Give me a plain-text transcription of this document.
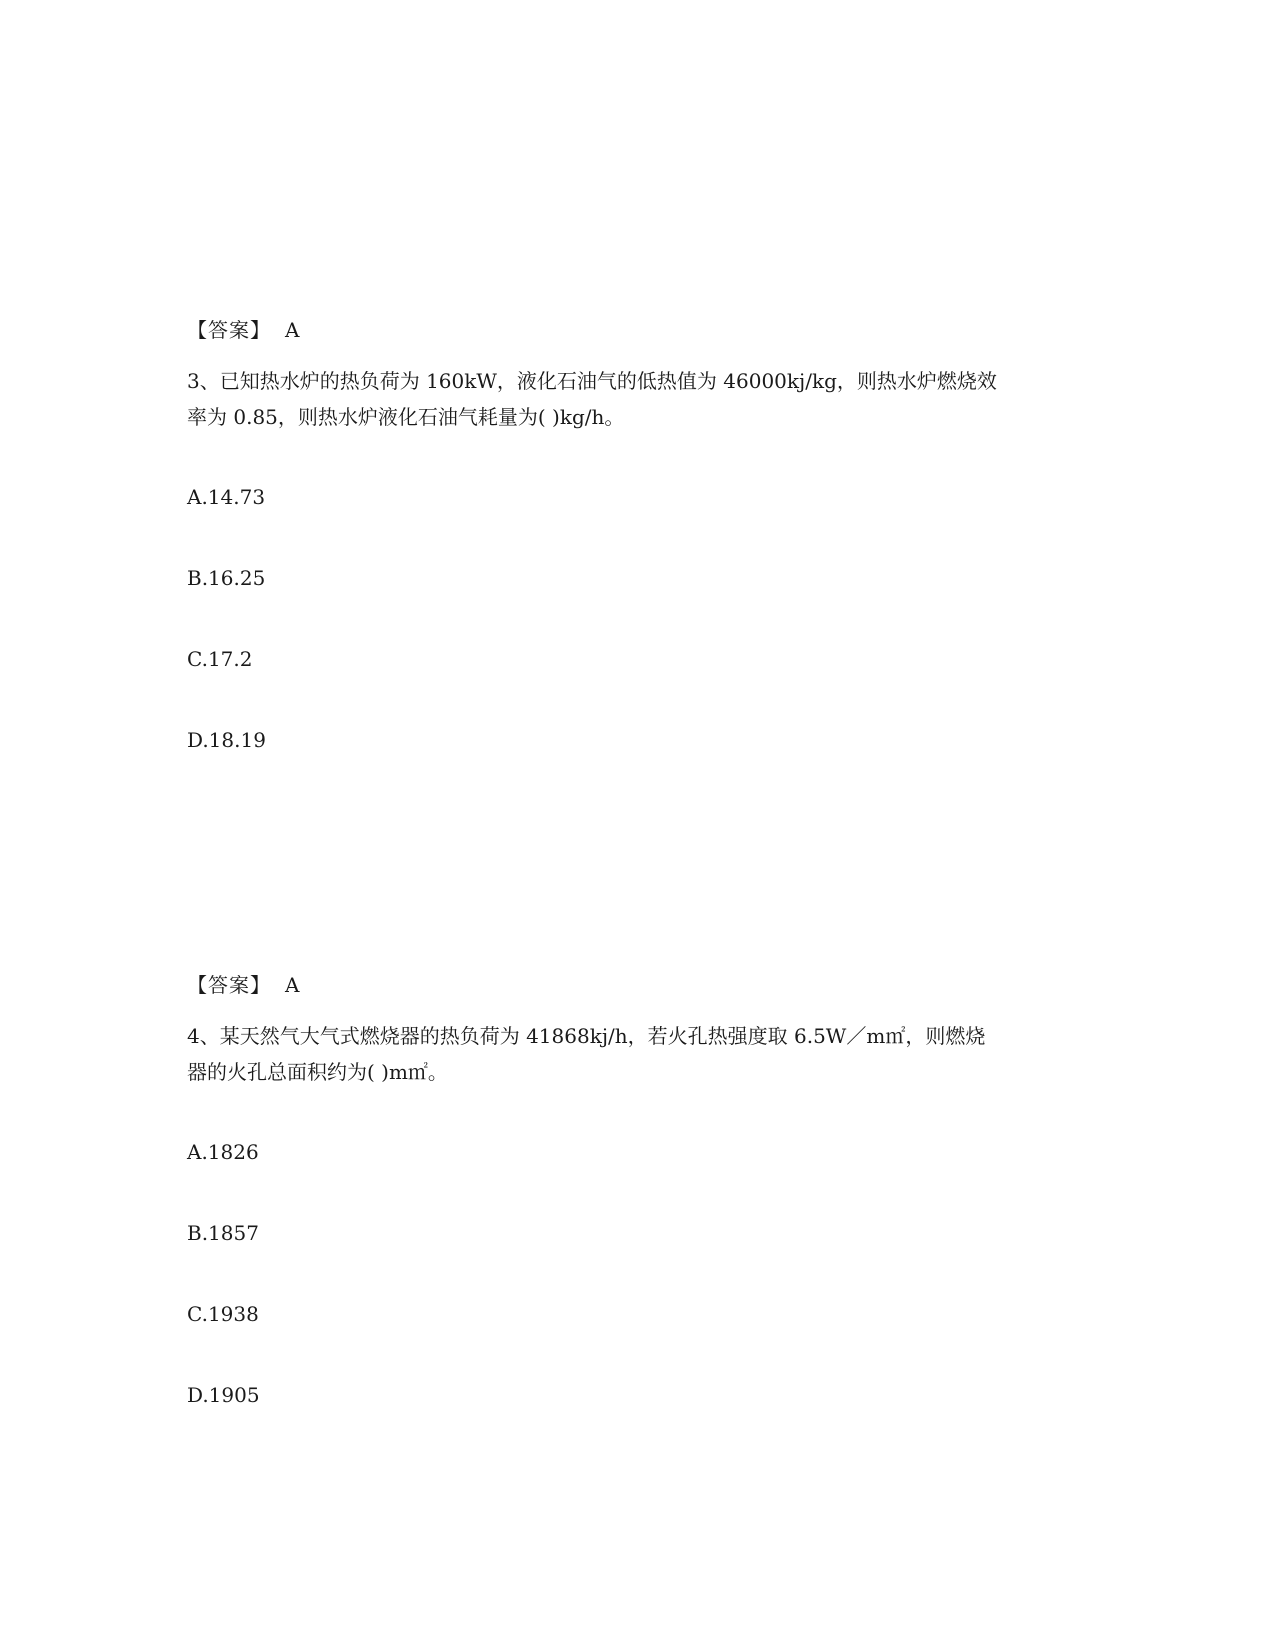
【答案】 A
3、已知热水炉的热负荷为 160kW，液化石油气的低热值为 46000kj/kg，则热水炉燃烧效
率为 0.85，则热水炉液化石油气耗量为( )kg/h。
A.14.73
B.16.25
C.17.2
D.18.19
【答案】 A
4、某天然气大气式燃烧器的热负荷为 41868kj/h，若火孔热强度取 6.5W／m㎡，则燃烧
器的火孔总面积约为( )m㎡。
A.1826
B.1857
C.1938
D.1905
